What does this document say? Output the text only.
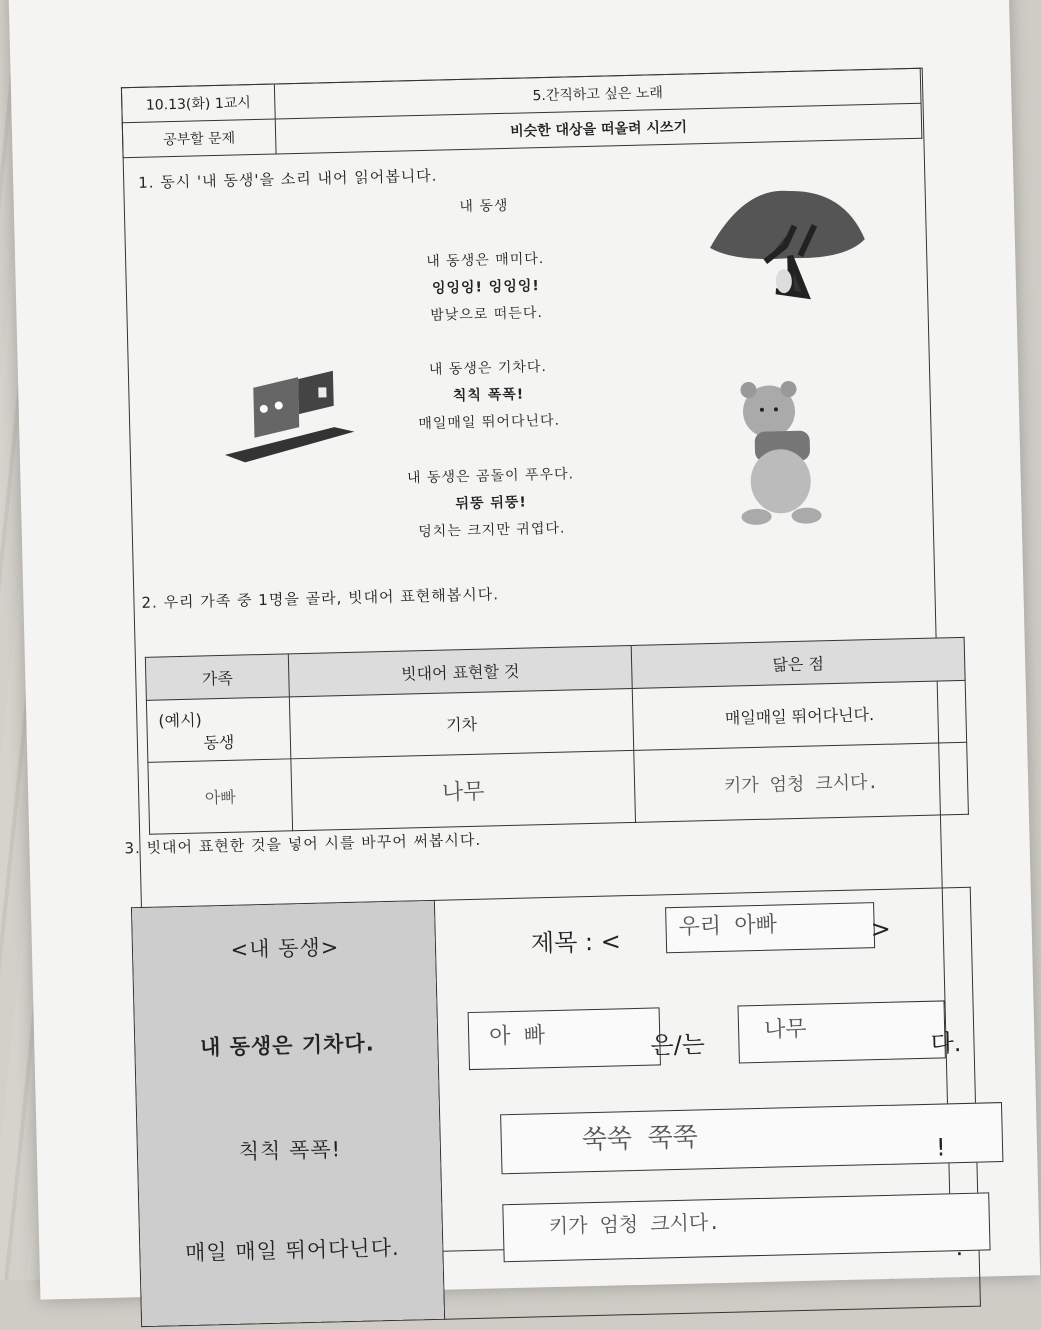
10.13(화) 1교시	5.간직하고 싶은 노래
공부할 문제	비슷한 대상을 떠올려 시쓰기
1. 동시 '내 동생'을 소리 내어 읽어봅니다.
내 동생
내 동생은 매미다.
잉잉잉! 잉잉잉!
밤낮으로 떠든다.
내 동생은 기차다.
칙칙 폭폭!
매일매일 뛰어다닌다.
내 동생은 곰돌이 푸우다.
뒤뚱 뒤뚱!
덩치는 크지만 귀엽다.
2. 우리 가족 중 1명을 골라, 빗대어 표현해봅시다.
가족	빗대어 표현할 것	닮은 점

(예시)
동생	기차	매일매일 뛰어다닌다.
아빠	나무	키가 엄청 크시다.
3. 빗대어 표현한 것을 넣어 시를 바꾸어 써봅시다.
<내 동생>
내 동생은 기차다.
칙칙 폭폭!
매일 매일 뛰어다닌다.

제목 : <
우리 아빠	>
아 빠	은/는
나무	다.
쑥쑥 쭉쭉	!
키가 엄청 크시다.
.
